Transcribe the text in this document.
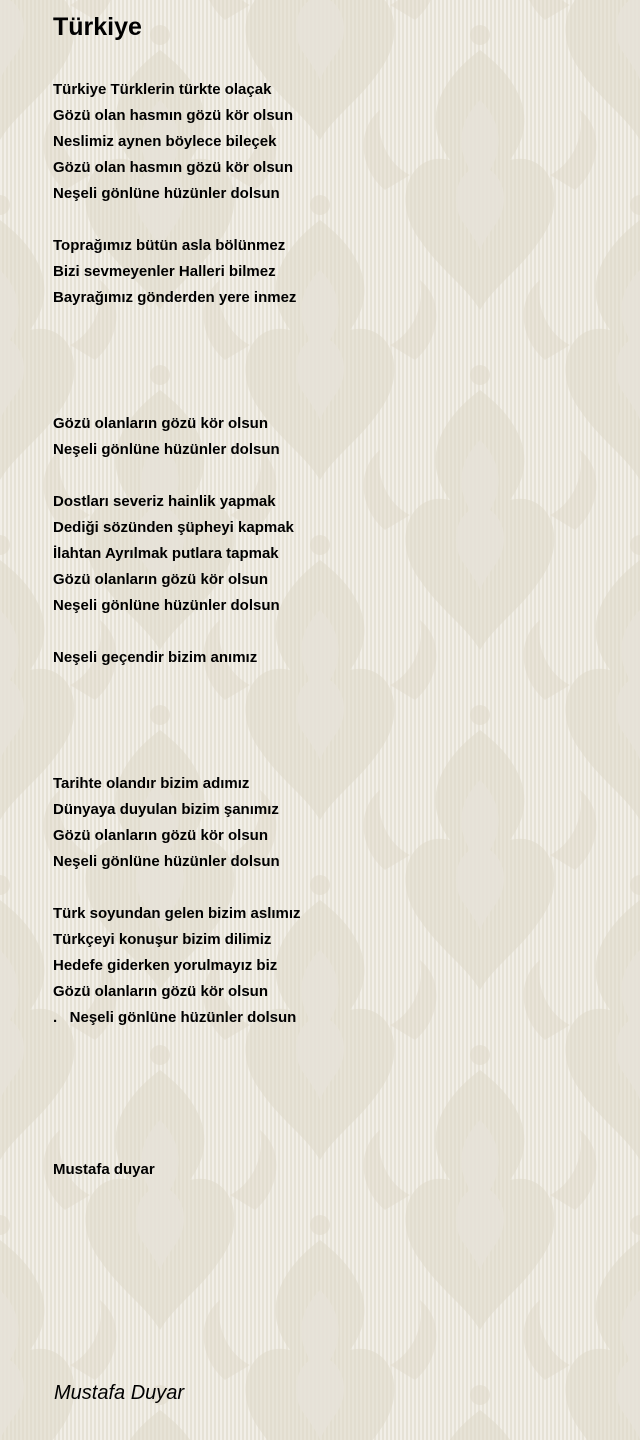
Türkiye

Türkiye Türklerin türkte olaçak

Gözü olan hasmın gözü kör olsun

Neslimiz aynen böylece bileçek

Gözü olan hasmın gözü kör olsun

Neşeli gönlüne hüzünler dolsun

Toprağımız bütün asla bölünmez

Bizi sevmeyenler Halleri bilmez

Bayrağımız gönderden yere inmez

Gözü olanların gözü kör olsun

Neşeli gönlüne hüzünler dolsun

Dostları severiz hainlik yapmak

Dediği sözünden şüpheyi kapmak

İlahtan Ayrılmak putlara tapmak

Gözü olanların gözü kör olsun

Neşeli gönlüne hüzünler dolsun

Neşeli geçendir bizim anımız

Tarihte olandır bizim adımız

Dünyaya duyulan bizim şanımız

Gözü olanların gözü kör olsun

Neşeli gönlüne hüzünler dolsun

Türk soyundan gelen bizim aslımız

Türkçeyi konuşur bizim dilimiz

Hedefe giderken yorulmayız biz

Gözü olanların gözü kör olsun

.   Neşeli gönlüne hüzünler dolsun

Mustafa duyar

Mustafa Duyar
